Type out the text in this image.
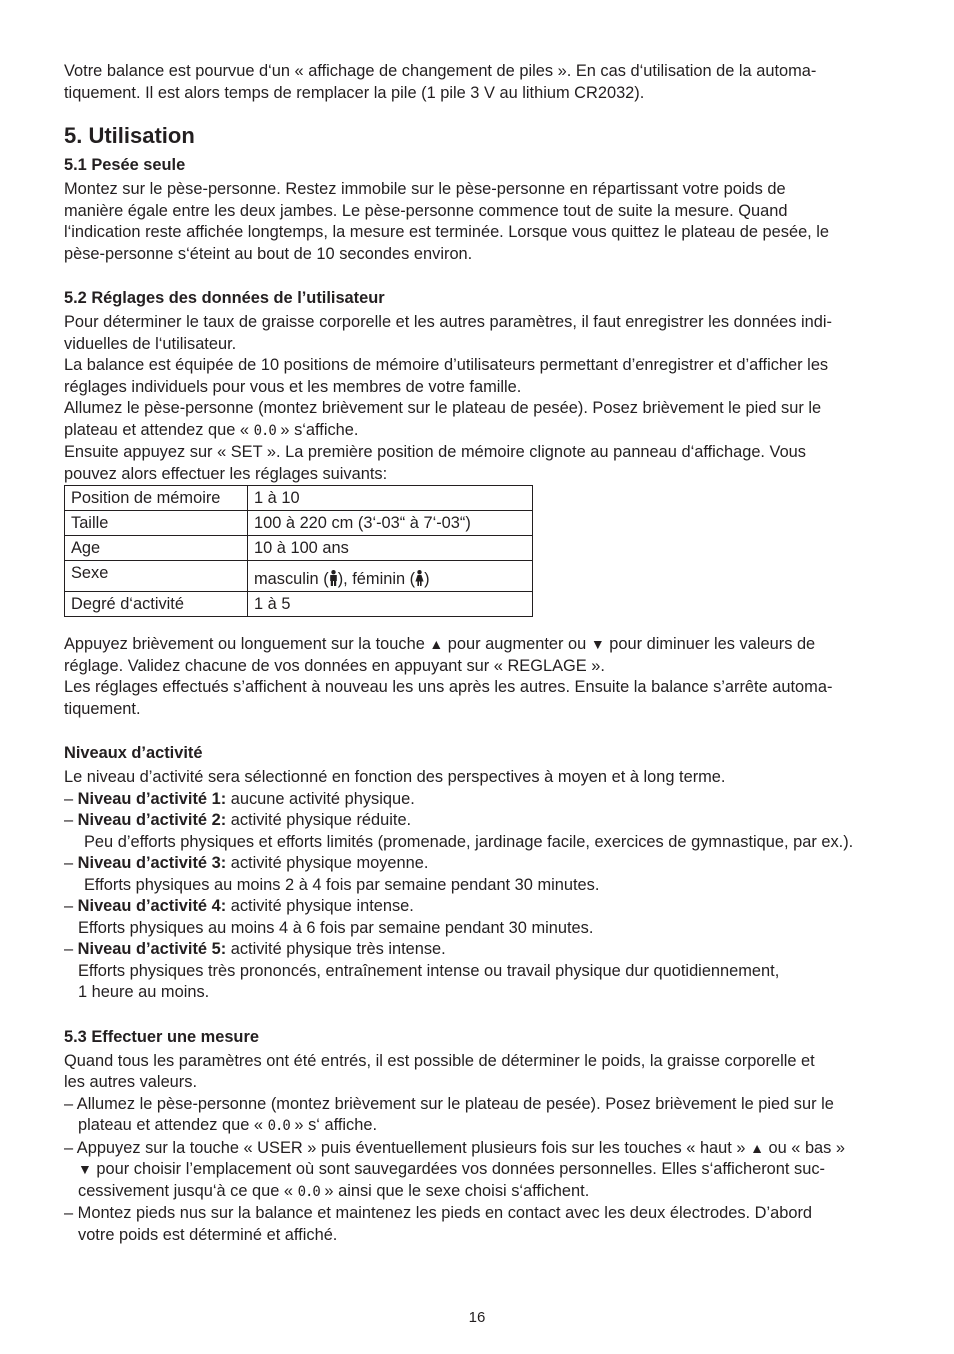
Votre balance est pourvue d‘un « affichage de changement de piles ». En cas d‘utilisation de la automa-

tiquement. Il est alors temps de remplacer la pile (1 pile 3 V au lithium CR2032).

5. Utilisation
5.1 Pesée seule

Montez sur le pèse-personne. Restez immobile sur le pèse-personne en répartissant votre poids de

manière égale entre les deux jambes. Le pèse-personne commence tout de suite la mesure. Quand

l‘indication reste affichée longtemps, la mesure est terminée. Lorsque vous quittez le plateau de pesée, le

pèse-personne s‘éteint au bout de 10 secondes environ.

5.2 Réglages des données de l’utilisateur

Pour déterminer le taux de graisse corporelle et les autres paramètres, il faut enregistrer les données indi-

viduelles de l‘utilisateur.

La balance est équipée de 10 positions de mémoire d’utilisateurs permettant d’enregistrer et d’afficher les

réglages individuels pour vous et les membres de votre famille.

Allumez le pèse-personne (montez brièvement sur le plateau de pesée). Posez brièvement le pied sur le

plateau et attendez que « 0.0 » s‘affiche.

Ensuite appuyez sur « SET ». La première position de mémoire clignote au panneau d‘affichage. Vous

pouvez alors effectuer les réglages suivants:

Position de mémoire	1 à 10
Taille	100 à 220 cm (3‘-03“ à 7‘-03“)
Age	10 à 100 ans
Sexe	masculin ( ), féminin ( )
Degré d‘activité	1 à 5

Appuyez brièvement ou longuement sur la touche ▲ pour augmenter ou ▼ pour diminuer les valeurs de

réglage. Validez chacune de vos données en appuyant sur « REGLAGE ».

Les réglages effectués s’affichent à nouveau les uns après les autres. Ensuite la balance s’arrête automa-

tiquement.

Niveaux d’activité

Le niveau d’activité sera sélectionné en fonction des perspectives à moyen et à long terme.

– Niveau d’activité 1: aucune activité physique.

– Niveau d’activité 2: activité physique réduite.

Peu d’efforts physiques et efforts limités (promenade, jardinage facile, exercices de gymnastique, par ex.).

– Niveau d’activité 3: activité physique moyenne.

Efforts physiques au moins 2 à 4 fois par semaine pendant 30 minutes.

– Niveau d’activité 4: activité physique intense.

Efforts physiques au moins 4 à 6 fois par semaine pendant 30 minutes.

– Niveau d’activité 5: activité physique très intense.

Efforts physiques très prononcés, entraînement intense ou travail physique dur quotidiennement,

1 heure au moins.

5.3 Effectuer une mesure

Quand tous les paramètres ont été entrés, il est possible de déterminer le poids, la graisse corporelle et

les autres valeurs.

– Allumez le pèse-personne (montez brièvement sur le plateau de pesée). Posez brièvement le pied sur le

plateau et attendez que « 0.0 » s‘ affiche.

– Appuyez sur la touche « USER » puis éventuellement plusieurs fois sur les touches « haut » ▲ ou « bas »

▼ pour choisir l’emplacement où sont sauvegardées vos données personnelles. Elles s‘afficheront suc-

cessivement jusqu‘à ce que « 0.0 » ainsi que le sexe choisi s‘affichent.

– Montez pieds nus sur la balance et maintenez les pieds en contact avec les deux électrodes. D’abord

votre poids est déterminé et affiché.

16
